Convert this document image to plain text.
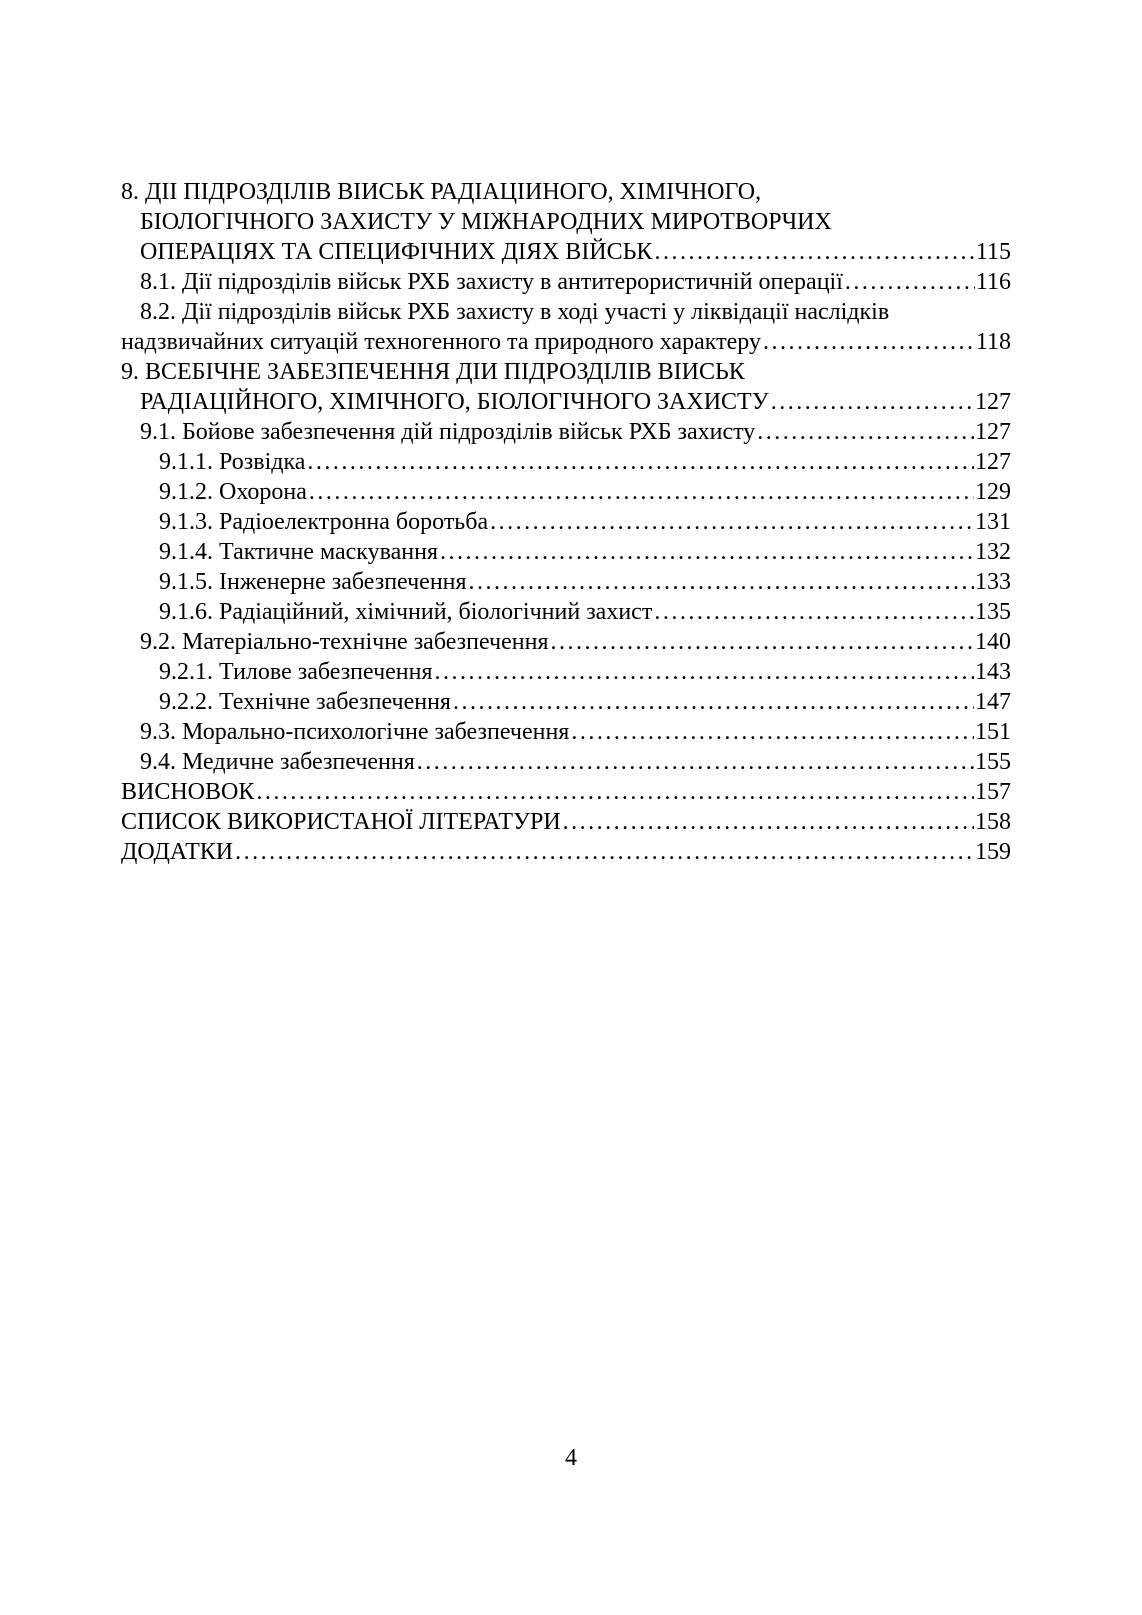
8. ДІІ ПІДРОЗДІЛІВ ВІИСЬК РАДІАЦІИНОГО, ХІМІЧНОГО,
БІОЛОГІЧНОГО ЗАХИСТУ У МІЖНАРОДНИХ МИРОТВОРЧИХ
ОПЕРАЦІЯХ ТА СПЕЦИФІЧНИХ ДІЯХ ВІЙСЬК .....	115
8.1. Дії підрозділів військ РХБ захисту в антитерористичній операції .....	116
8.2. Дії підрозділів військ РХБ захисту в ході участі у ліквідації наслідків
надзвичайних ситуацій техногенного та природного характеру .....	118
9. ВСЕБІЧНЕ ЗАБЕЗПЕЧЕННЯ ДІИ ПІДРОЗДІЛІВ ВІИСЬК
РАДІАЦІЙНОГО, ХІМІЧНОГО, БІОЛОГІЧНОГО ЗАХИСТУ .....	127
9.1. Бойове забезпечення дій підрозділів військ РХБ захисту .....	127
9.1.1. Розвідка .....	127
9.1.2. Охорона .....	129
9.1.3. Радіоелектронна боротьба .....	131
9.1.4. Тактичне маскування .....	132
9.1.5. Інженерне забезпечення .....	133
9.1.6. Радіаційний, хімічний, біологічний захист .....	135
9.2. Матеріально-технічне забезпечення .....	140
9.2.1. Тилове забезпечення .....	143
9.2.2. Технічне забезпечення .....	147
9.3. Морально-психологічне забезпечення .....	151
9.4. Медичне забезпечення .....	155
ВИСНОВОК .....	157
СПИСОК ВИКОРИСТАНОЇ ЛІТЕРАТУРИ .....	158
ДОДАТКИ .....	159
4
